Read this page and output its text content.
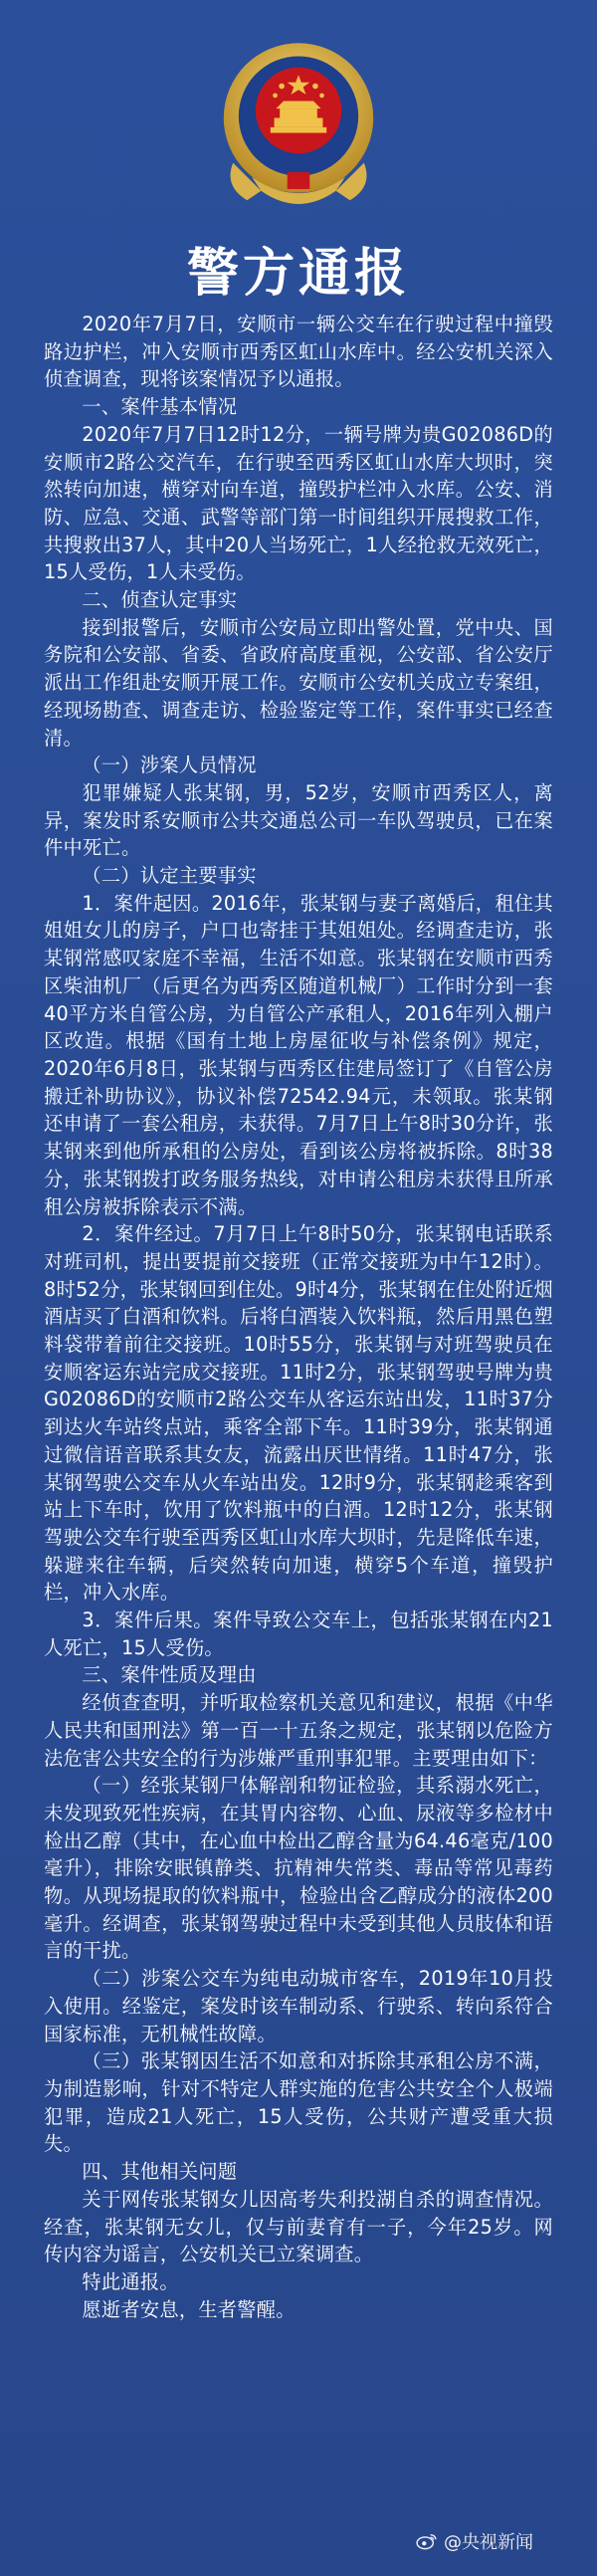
警方通报

2020年7月7日，安顺市一辆公交车在行驶过程中撞毁路边护栏，冲入安顺市西秀区虹山水库中。经公安机关深入侦查调查，现将该案情况予以通报。

一、案件基本情况

2020年7月7日12时12分，一辆号牌为贵G02086D的安顺市2路公交汽车，在行驶至西秀区虹山水库大坝时，突然转向加速，横穿对向车道，撞毁护栏冲入水库。公安、消防、应急、交通、武警等部门第一时间组织开展搜救工作，共搜救出37人，其中20人当场死亡，1人经抢救无效死亡，15人受伤，1人未受伤。

二、侦查认定事实

接到报警后，安顺市公安局立即出警处置，党中央、国务院和公安部、省委、省政府高度重视，公安部、省公安厅派出工作组赴安顺开展工作。安顺市公安机关成立专案组，经现场勘查、调查走访、检验鉴定等工作，案件事实已经查清。

（一）涉案人员情况

犯罪嫌疑人张某钢，男，52岁，安顺市西秀区人，离异，案发时系安顺市公共交通总公司一车队驾驶员，已在案件中死亡。

（二）认定主要事实

1．案件起因。2016年，张某钢与妻子离婚后，租住其姐姐女儿的房子，户口也寄挂于其姐姐处。经调查走访，张某钢常感叹家庭不幸福，生活不如意。张某钢在安顺市西秀区柴油机厂（后更名为西秀区随道机械厂）工作时分到一套40平方米自管公房，为自管公产承租人，2016年列入棚户区改造。根据《国有土地上房屋征收与补偿条例》规定，2020年6月8日，张某钢与西秀区住建局签订了《自管公房搬迁补助协议》，协议补偿72542.94元，未领取。张某钢还申请了一套公租房，未获得。7月7日上午8时30分许，张某钢来到他所承租的公房处，看到该公房将被拆除。8时38分，张某钢拨打政务服务热线，对申请公租房未获得且所承租公房被拆除表示不满。

2．案件经过。7月7日上午8时50分，张某钢电话联系对班司机，提出要提前交接班（正常交接班为中午12时）。8时52分，张某钢回到住处。9时4分，张某钢在住处附近烟酒店买了白酒和饮料。后将白酒装入饮料瓶，然后用黑色塑料袋带着前往交接班。10时55分，张某钢与对班驾驶员在安顺客运东站完成交接班。11时2分，张某钢驾驶号牌为贵G02086D的安顺市2路公交车从客运东站出发，11时37分到达火车站终点站，乘客全部下车。11时39分，张某钢通过微信语音联系其女友，流露出厌世情绪。11时47分，张某钢驾驶公交车从火车站出发。12时9分，张某钢趁乘客到站上下车时，饮用了饮料瓶中的白酒。12时12分，张某钢驾驶公交车行驶至西秀区虹山水库大坝时，先是降低车速，躲避来往车辆，后突然转向加速，横穿5个车道，撞毁护栏，冲入水库。

3．案件后果。案件导致公交车上，包括张某钢在内21人死亡，15人受伤。

三、案件性质及理由

经侦查查明，并听取检察机关意见和建议，根据《中华人民共和国刑法》第一百一十五条之规定，张某钢以危险方法危害公共安全的行为涉嫌严重刑事犯罪。主要理由如下：

（一）经张某钢尸体解剖和物证检验，其系溺水死亡，未发现致死性疾病，在其胃内容物、心血、尿液等多检材中检出乙醇（其中，在心血中检出乙醇含量为64.46毫克/100毫升），排除安眠镇静类、抗精神失常类、毒品等常见毒药物。从现场提取的饮料瓶中，检验出含乙醇成分的液体200毫升。经调查，张某钢驾驶过程中未受到其他人员肢体和语言的干扰。

（二）涉案公交车为纯电动城市客车，2019年10月投入使用。经鉴定，案发时该车制动系、行驶系、转向系符合国家标准，无机械性故障。

（三）张某钢因生活不如意和对拆除其承租公房不满，为制造影响，针对不特定人群实施的危害公共安全个人极端犯罪，造成21人死亡，15人受伤，公共财产遭受重大损失。

四、其他相关问题

关于网传张某钢女儿因高考失利投湖自杀的调查情况。经查，张某钢无女儿，仅与前妻育有一子，今年25岁。网传内容为谣言，公安机关已立案调查。

特此通报。

愿逝者安息，生者警醒。

@央视新闻
